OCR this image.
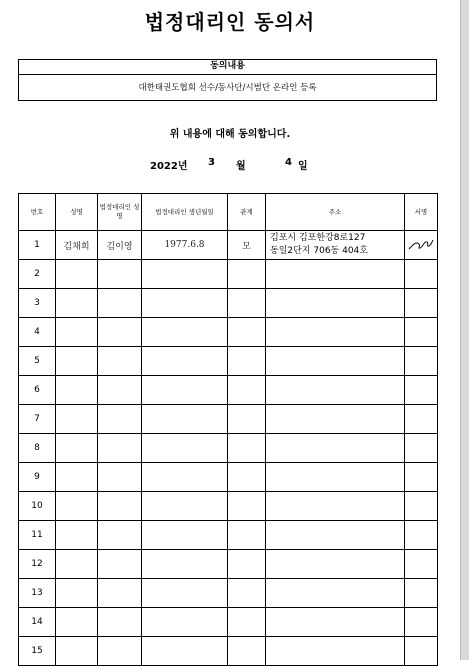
법정대리인 동의서
동의내용
대한태권도협회 선수/동사단/시범단 온라인 등록
위 내용에 대해 동의합니다.
2022년 3 월	4 일
번호	성명	법정대리인 성명	법정대리인 생년월일	관계	주소	서명
1	김채희	김이영	1977.6.8	모	김포시 김포한강8로127
동일2단지 706동 404호

2						
3						
4						
5						
6						
7						
8						
9						
10						
11						
12						
13						
14						
15						
